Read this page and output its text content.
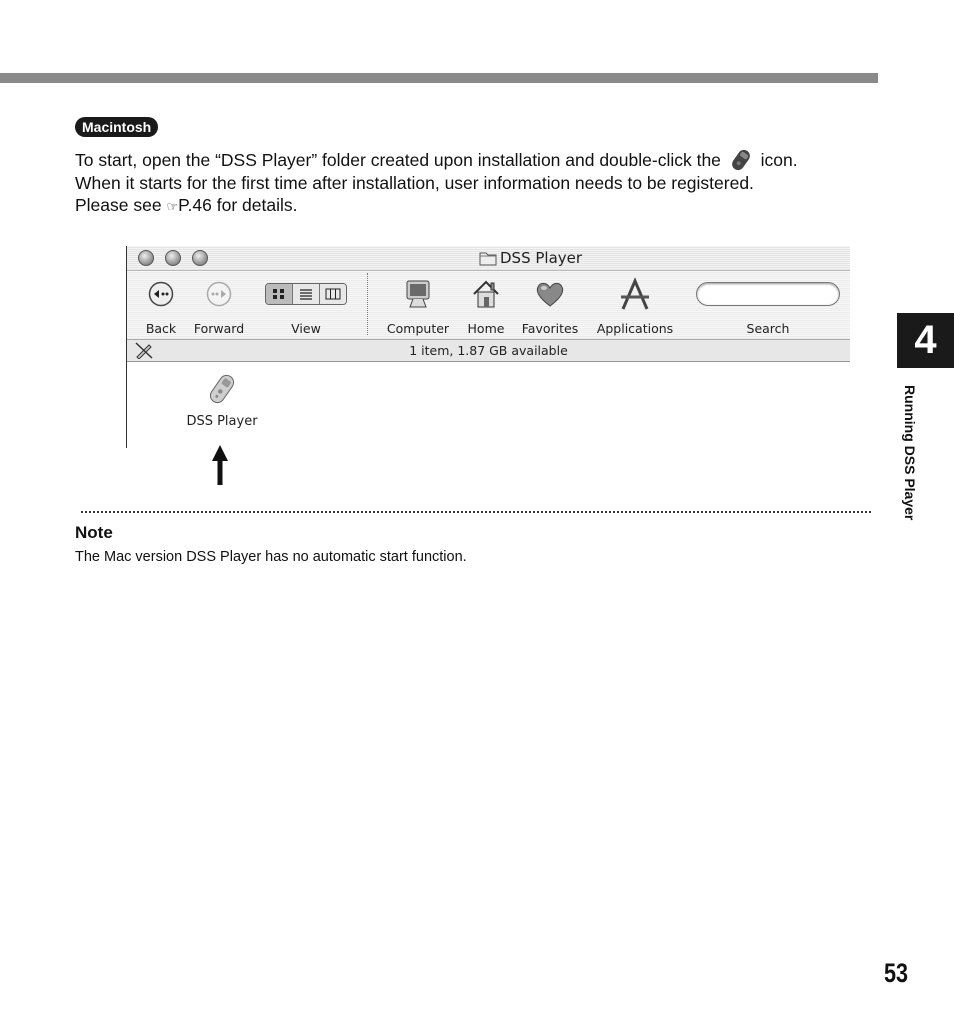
Macintosh
To start, open the “DSS Player” folder created upon installation and double-click the icon.
When it starts for the first time after installation, user information needs to be registered.
Please see ☞P.46 for details.
DSS Player
Back	Forward	View	Computer	Home	Favorites	Applications	Search
1 item, 1.87 GB available
DSS Player
Note
The Mac version DSS Player has no automatic start function.
4
Running DSS Player
53
